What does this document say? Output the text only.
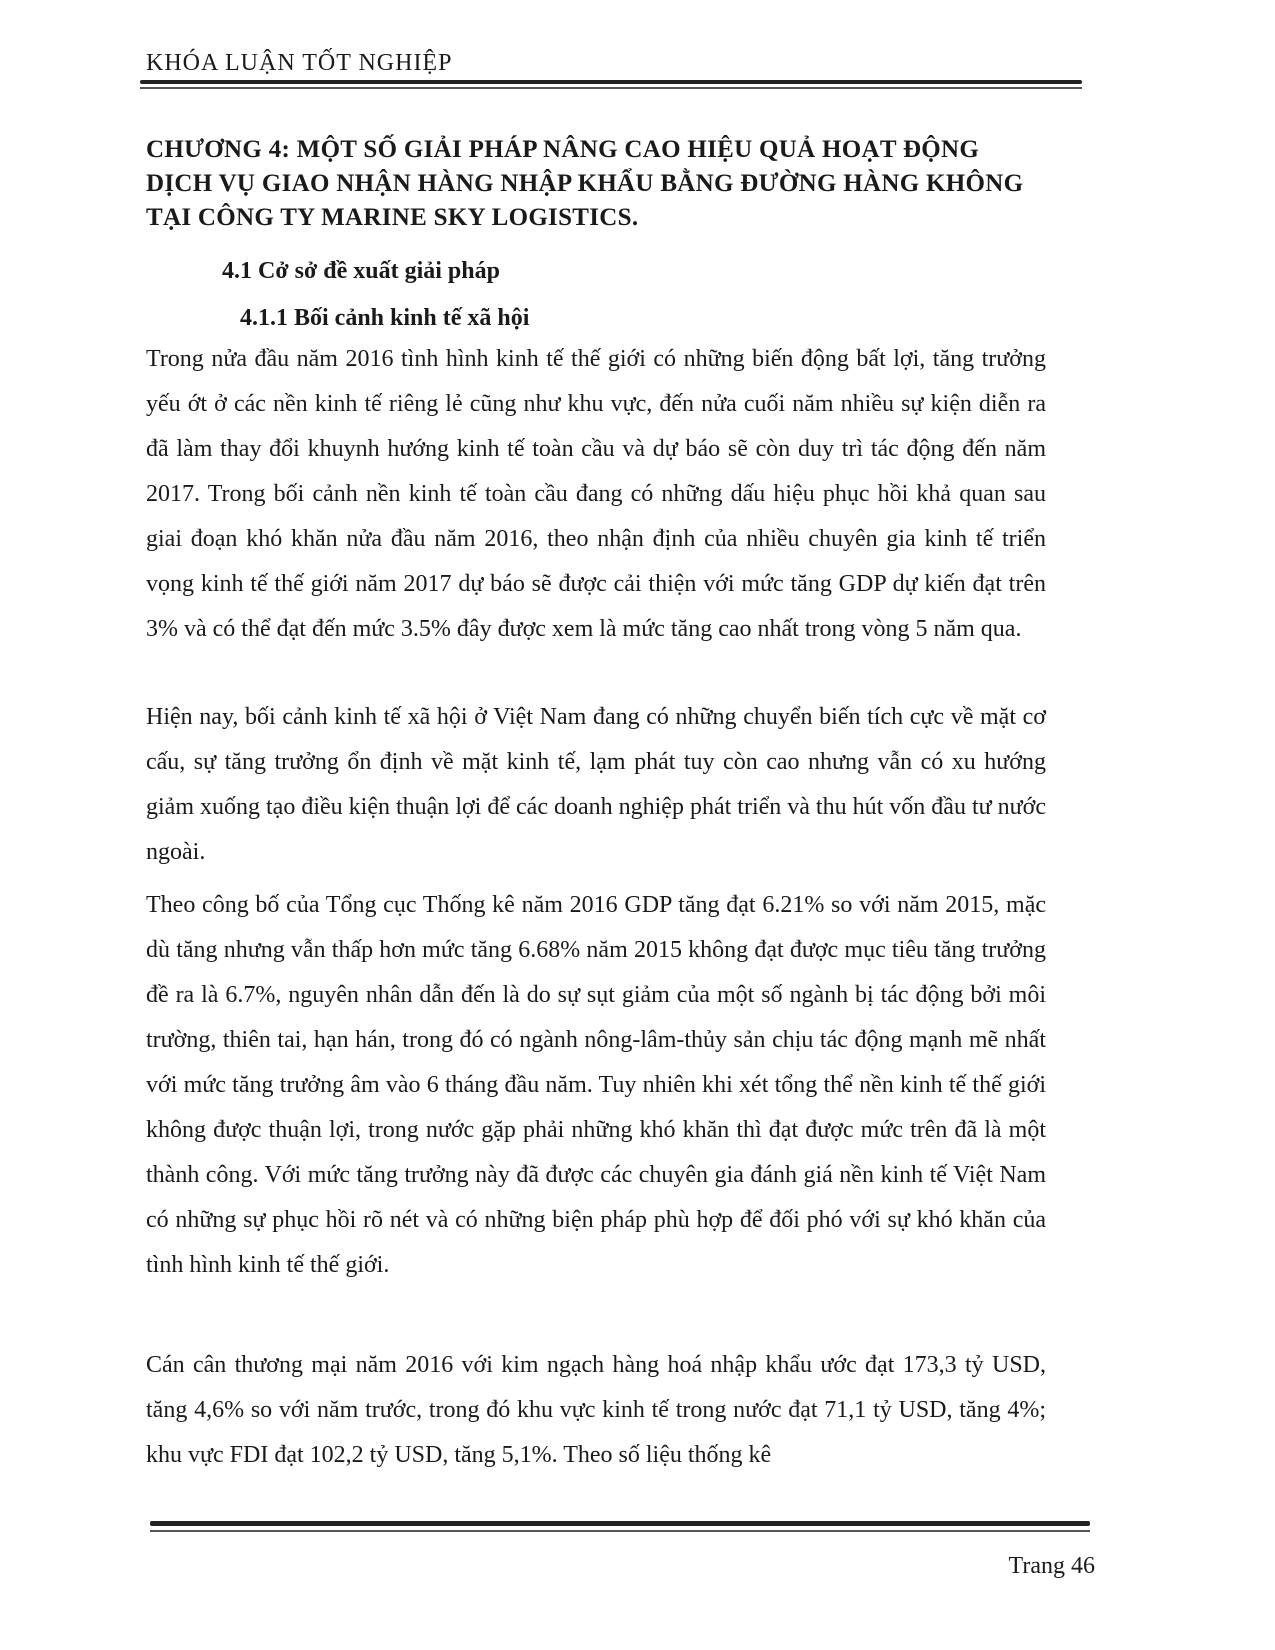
KHÓA LUẬN TỐT NGHIỆP
CHƯƠNG 4: MỘT SỐ GIẢI PHÁP NÂNG CAO HIỆU QUẢ HOẠT ĐỘNG DỊCH VỤ GIAO NHẬN HÀNG NHẬP KHẨU BẰNG ĐƯỜNG HÀNG KHÔNG TẠI CÔNG TY MARINE SKY LOGISTICS.
4.1 Cở sở đề xuất giải pháp
4.1.1 Bối cảnh kinh tế xã hội

Trong nửa đầu năm 2016 tình hình kinh tế thế giới có những biến động bất lợi, tăng trưởng yếu ớt ở các nền kinh tế riêng lẻ cũng như khu vực, đến nửa cuối năm nhiều sự kiện diễn ra đã làm thay đổi khuynh hướng kinh tế toàn cầu và dự báo sẽ còn duy trì tác động đến năm 2017. Trong bối cảnh nền kinh tế toàn cầu đang có những dấu hiệu phục hồi khả quan sau giai đoạn khó khăn nửa đầu năm 2016, theo nhận định của nhiều chuyên gia kinh tế triển vọng kinh tế thế giới năm 2017 dự báo sẽ được cải thiện với mức tăng GDP dự kiến đạt trên 3% và có thể đạt đến mức 3.5% đây được xem là mức tăng cao nhất trong vòng 5 năm qua.

Hiện nay, bối cảnh kinh tế xã hội ở Việt Nam đang có những chuyển biến tích cực về mặt cơ cấu, sự tăng trưởng ổn định về mặt kinh tế, lạm phát tuy còn cao nhưng vẫn có xu hướng giảm xuống tạo điều kiện thuận lợi để các doanh nghiệp phát triển và thu hút vốn đầu tư nước ngoài.

Theo công bố của Tổng cục Thống kê năm 2016 GDP tăng đạt 6.21% so với năm 2015, mặc dù tăng nhưng vẫn thấp hơn mức tăng 6.68% năm 2015 không đạt được mục tiêu tăng trưởng đề ra là 6.7%, nguyên nhân dẫn đến là do sự sụt giảm của một số ngành bị tác động bởi môi trường, thiên tai, hạn hán, trong đó có ngành nông-lâm-thủy sản chịu tác động mạnh mẽ nhất với mức tăng trưởng âm vào 6 tháng đầu năm. Tuy nhiên khi xét tổng thể nền kinh tế thế giới không được thuận lợi, trong nước gặp phải những khó khăn thì đạt được mức trên đã là một thành công. Với mức tăng trưởng này đã được các chuyên gia đánh giá nền kinh tế Việt Nam có những sự phục hồi rõ nét và có những biện pháp phù hợp để đối phó với sự khó khăn của tình hình kinh tế thế giới.

Cán cân thương mại năm 2016 với kim ngạch hàng hoá nhập khẩu ước đạt 173,3 tỷ USD, tăng 4,6% so với năm trước, trong đó khu vực kinh tế trong nước đạt 71,1 tỷ USD, tăng 4%; khu vực FDI đạt 102,2 tỷ USD, tăng 5,1%. Theo số liệu thống kê

Trang 46
